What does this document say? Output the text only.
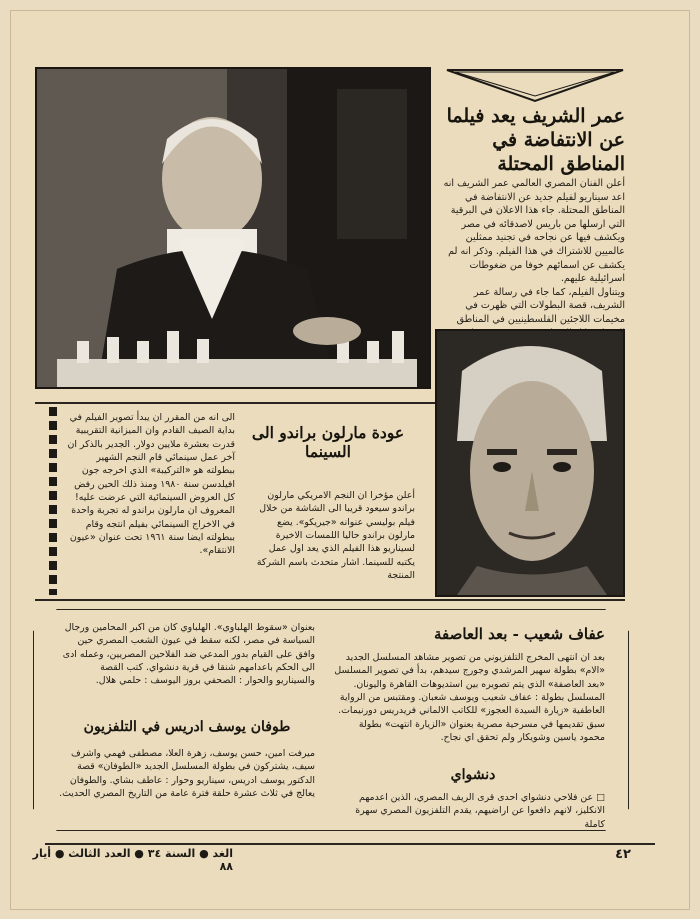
عمر الشريف يعد فيلما عن الانتفاضة في المناطق المحتلة

أعلن الفنان المصري العالمي عمر الشريف انه اعد سيناريو لفيلم جديد عن الانتفاضة في المناطق المحتلة. جاء هذا الاعلان في البرقية التي ارسلها من باريس لاصدقائه في مصر ويكشف فيها عن نجاحه في تجنيد ممثلين عالميين للاشتراك في هذا الفيلم. وذكر انه لم يكشف عن اسمائهم خوفا من ضغوطات اسرائيلية عليهم.

ويتناول الفيلم، كما جاء في رسالة عمر الشريف، قصة البطولات التي ظهرت في مخيمات اللاجئين الفلسطينيين في المناطق

عودة مارلون براندو الى السينما
أعلن مؤخرا ان النجم الامريكي مارلون براندو سيعود قريبا الى الشاشة من خلال فيلم بوليسي عنوانه «جيريكو». يضع مارلون براندو حاليا اللمسات الاخيرة لسيناريو هذا الفيلم الذي يعد اول عمل يكتبه للسينما. اشار متحدث باسم الشركة المنتجة
الى انه من المقرر ان يبدأ تصوير الفيلم في بداية الصيف القادم وان الميزانية التقريبية قدرت بعشرة ملايين دولار. الجدير بالذكر ان آخر عمل سينمائي قام النجم الشهير ببطولته هو «التركيبة» الذي اخرجه جون افيلدسن سنة ١٩٨٠ ومنذ ذلك الحين رفض كل العروض السينمائية التي عرضت عليه! المعروف ان مارلون براندو له تجربة واحدة في الاخراج السينمائي بفيلم انتجه وقام ببطولته ايضا سنة ١٩٦١ تحت عنوان «عيون الانتقام».
عفاف شعيب - بعد العاصفة
بعد ان انتهى المخرج التلفزيوني من تصوير مشاهد المسلسل الجديد «الام» بطولة سهير المرشدي وجورج سيدهم، بدأ في تصوير المسلسل «بعد العاصفة» الذي يتم تصويره بين استديوهات القاهرة واليونان. المسلسل بطولة : عفاف شعيب ويوسف شعبان. ومقتبس من الرواية العاطفية «زيارة السيدة العجوز» للكاتب الالماني فريدريس دورنيمات. سبق تقديمها في مسرحية مصرية بعنوان «الزيارة انتهت» بطولة محمود ياسين وشويكار ولم تحقق اي نجاح.
دنشواي
□ عن فلاحي دنشواي احدى قرى الريف المصري، الذين اعدمهم الانكليز، لانهم دافعوا عن اراضيهم، يقدم التلفزيون المصري سهرة كاملة
بعنوان «سقوط الهلباوي». الهلباوي كان من اكبر المحامين ورجال السياسة في مصر، لكنه سقط في عيون الشعب المصري حين وافق على القيام بدور المدعي ضد الفلاحين المصريين، وعمله ادى الى الحكم باعدامهم شنقا في قرية دنشواي. كتب القصة والسيناريو والحوار : الصحفي بروز اليوسف : حلمي هلال.
طوفان يوسف ادريس في التلفزيون
ميرفت امين، حسن يوسف، زهرة العلا، مصطفى فهمي واشرف سيف، يشتركون في بطولة المسلسل الجديد «الطوفان» قصة الدكتور يوسف ادريس، سيناريو وحوار : عاطف بشاي. والطوفان يعالج في ثلاث عشرة حلقة فترة عامة من التاريخ المصري الحديث.
٤٢
الغد ● السنة ٣٤ ● العدد الثالث ● أيار ٨٨
